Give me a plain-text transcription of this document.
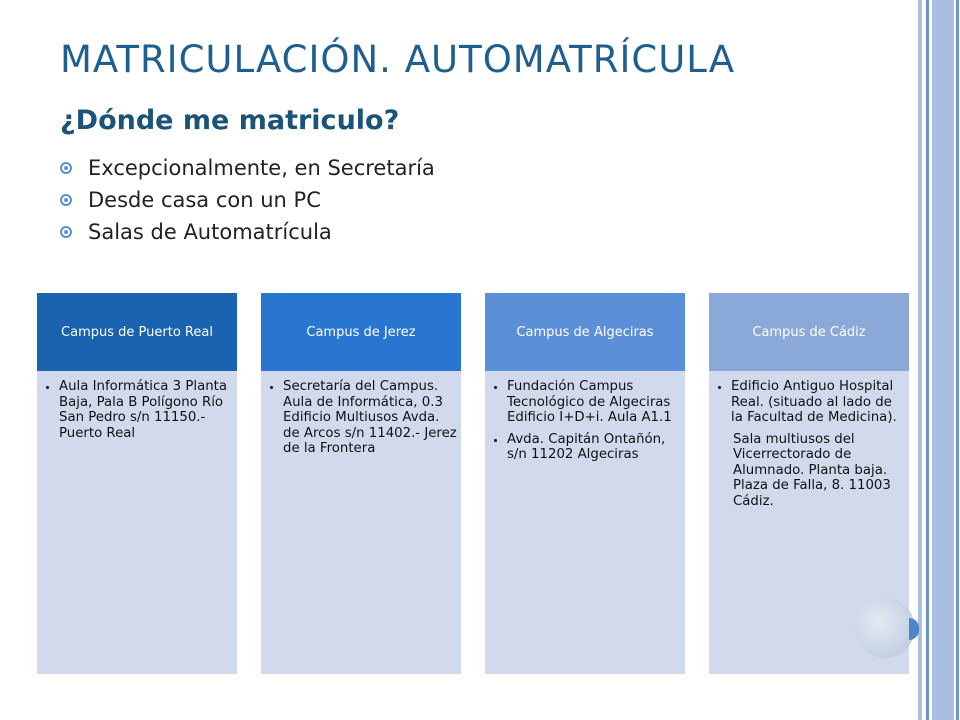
MATRICULACIÓN. AUTOMATRÍCULA
¿Dónde me matriculo?
Excepcionalmente, en Secretaría
Desde casa con un PC
Salas de Automatrícula
Campus de Puerto Real
• Aula Informática 3 Planta Baja, Pala B Polígono Río San Pedro s/n 11150.- Puerto Real
Campus de Jerez
• Secretaría del Campus. Aula de Informática, 0.3 Edificio Multiusos Avda. de Arcos s/n 11402.- Jerez de la Frontera
Campus de Algeciras
• Fundación Campus Tecnológico de Algeciras Edificio I+D+i. Aula A1.1
• Avda. Capitán Ontañón, s/n 11202 Algeciras
Campus de Cádiz
• Edificio Antiguo Hospital Real. (situado al lado de la Facultad de Medicina).
Sala multiusos del Vicerrectorado de Alumnado. Planta baja.
Plaza de Falla, 8. 11003 Cádiz.
